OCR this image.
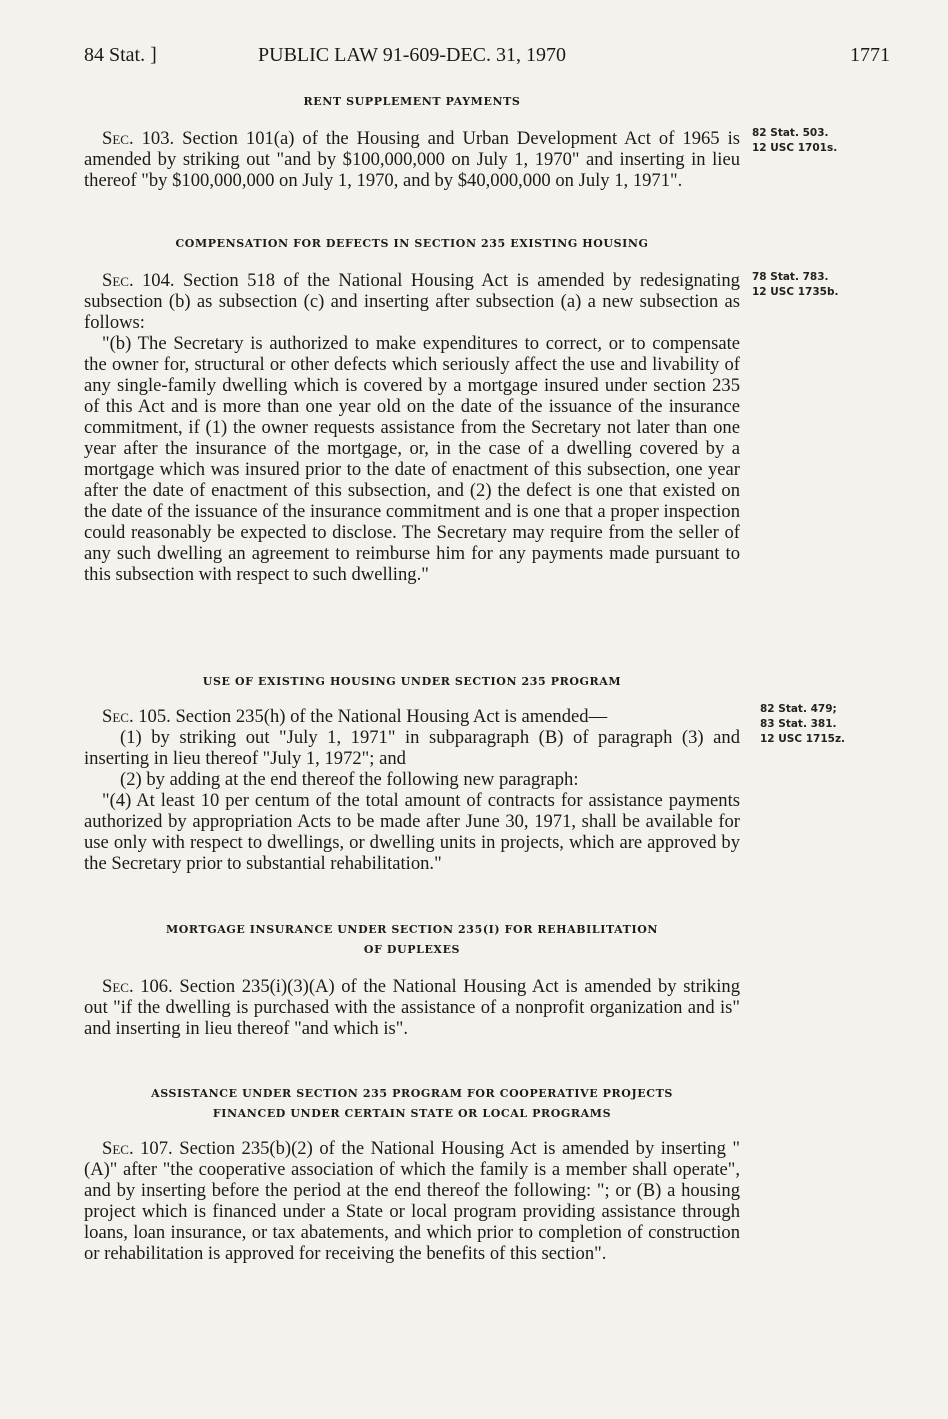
84 Stat. ]	PUBLIC LAW 91-609-DEC. 31, 1970	1771
RENT SUPPLEMENT PAYMENTS

Sec. 103. Section 101(a) of the Housing and Urban Development Act of 1965 is amended by striking out "and by $100,000,000 on July 1, 1970" and inserting in lieu thereof "by $100,000,000 on July 1, 1970, and by $40,000,000 on July 1, 1971".

82 Stat. 503.
12 USC 1701s.
COMPENSATION FOR DEFECTS IN SECTION 235 EXISTING HOUSING

Sec. 104. Section 518 of the National Housing Act is amended by redesignating subsection (b) as subsection (c) and inserting after subsection (a) a new subsection as follows:

"(b) The Secretary is authorized to make expenditures to correct, or to compensate the owner for, structural or other defects which seriously affect the use and livability of any single-family dwelling which is covered by a mortgage insured under section 235 of this Act and is more than one year old on the date of the issuance of the insurance commitment, if (1) the owner requests assistance from the Secretary not later than one year after the insurance of the mortgage, or, in the case of a dwelling covered by a mortgage which was insured prior to the date of enactment of this subsection, one year after the date of enactment of this subsection, and (2) the defect is one that existed on the date of the issuance of the insurance commitment and is one that a proper inspection could reasonably be expected to disclose. The Secretary may require from the seller of any such dwelling an agreement to reimburse him for any payments made pursuant to this subsection with respect to such dwelling."

78 Stat. 783.
12 USC 1735b.
USE OF EXISTING HOUSING UNDER SECTION 235 PROGRAM

Sec. 105. Section 235(h) of the National Housing Act is amended—

(1) by striking out "July 1, 1971" in subparagraph (B) of paragraph (3) and inserting in lieu thereof "July 1, 1972"; and

(2) by adding at the end thereof the following new paragraph:

"(4) At least 10 per centum of the total amount of contracts for assistance payments authorized by appropriation Acts to be made after June 30, 1971, shall be available for use only with respect to dwellings, or dwelling units in projects, which are approved by the Secretary prior to substantial rehabilitation."

82 Stat. 479;
83 Stat. 381.
12 USC 1715z.
MORTGAGE INSURANCE UNDER SECTION 235(I) FOR REHABILITATION
OF DUPLEXES

Sec. 106. Section 235(i)(3)(A) of the National Housing Act is amended by striking out "if the dwelling is purchased with the assistance of a nonprofit organization and is" and inserting in lieu thereof "and which is".

ASSISTANCE UNDER SECTION 235 PROGRAM FOR COOPERATIVE PROJECTS
FINANCED UNDER CERTAIN STATE OR LOCAL PROGRAMS

Sec. 107. Section 235(b)(2) of the National Housing Act is amended by inserting "(A)" after "the cooperative association of which the family is a member shall operate", and by inserting before the period at the end thereof the following: "; or (B) a housing project which is financed under a State or local program providing assistance through loans, loan insurance, or tax abatements, and which prior to completion of construction or rehabilitation is approved for receiving the benefits of this section".
